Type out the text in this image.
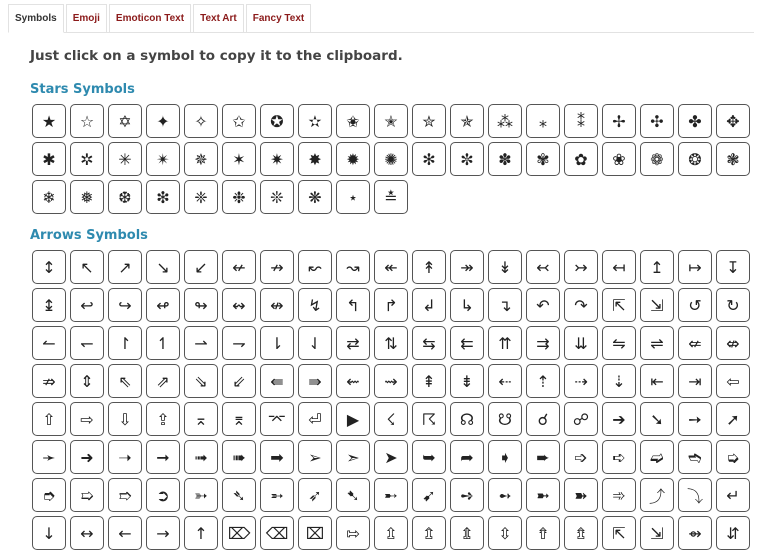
Symbols	Emoji	Emoticon Text	Text Art	Fancy Text
Just click on a symbol to copy it to the clipboard.
Stars Symbols
★	☆	✡	✦	✧	✩	✪	✫	✬	✭	✮	✯	⁂	⁎	⁑	✢	✣	✤	✥
✱	✲	✳	✴	✵	✶	✷	✸	✹	✺	✻	✼	✽	✾	✿	❀	❁	❂	❃
❄	❅	❆	❇	❈	❉	❊	❋	⋆	≛
Arrows Symbols
↕	↖	↗	↘	↙	↚	↛	↜	↝	↞	↟	↠	↡	↢	↣	↤	↥	↦	↧
↨	↩	↪	↫	↬	↭	↮	↯	↰	↱	↲	↳	↴	↶	↷	⇱	⇲	↺	↻
↼	↽	↾	↿	⇀	⇁	⇂	⇃	⇄	⇅	⇆	⇇	⇈	⇉	⇊	⇋	⇌	⇍	⇎
⇏	⇕	⇖	⇗	⇘	⇙	⇚	⇛	⇜	⇝	⇞	⇟	⇠	⇡	⇢	⇣	⇤	⇥	⇦
⇧	⇨	⇩	⇪	⌅	⌆	⌤	⏎	▶	☇	☈	☊	☋	☌	☍	➔	➘	➙	➚
➛	➜	➝	➞	➟	➠	➡	➢	➣	➤	➥	➦	➧	➨	➩	➪	➫	➬	➭
➮	➯	➱	➲	➳	➴	➵	➶	➷	➸	➹	➺	➻	➼	➽	➾	⤴	⤵	↵
↓	↔	←	→	↑	⌦ ⌫	⌧	⇰	⇫	⇬	⇭	⇳	⇮	⇯	⇱	⇲	⇴	⇵
